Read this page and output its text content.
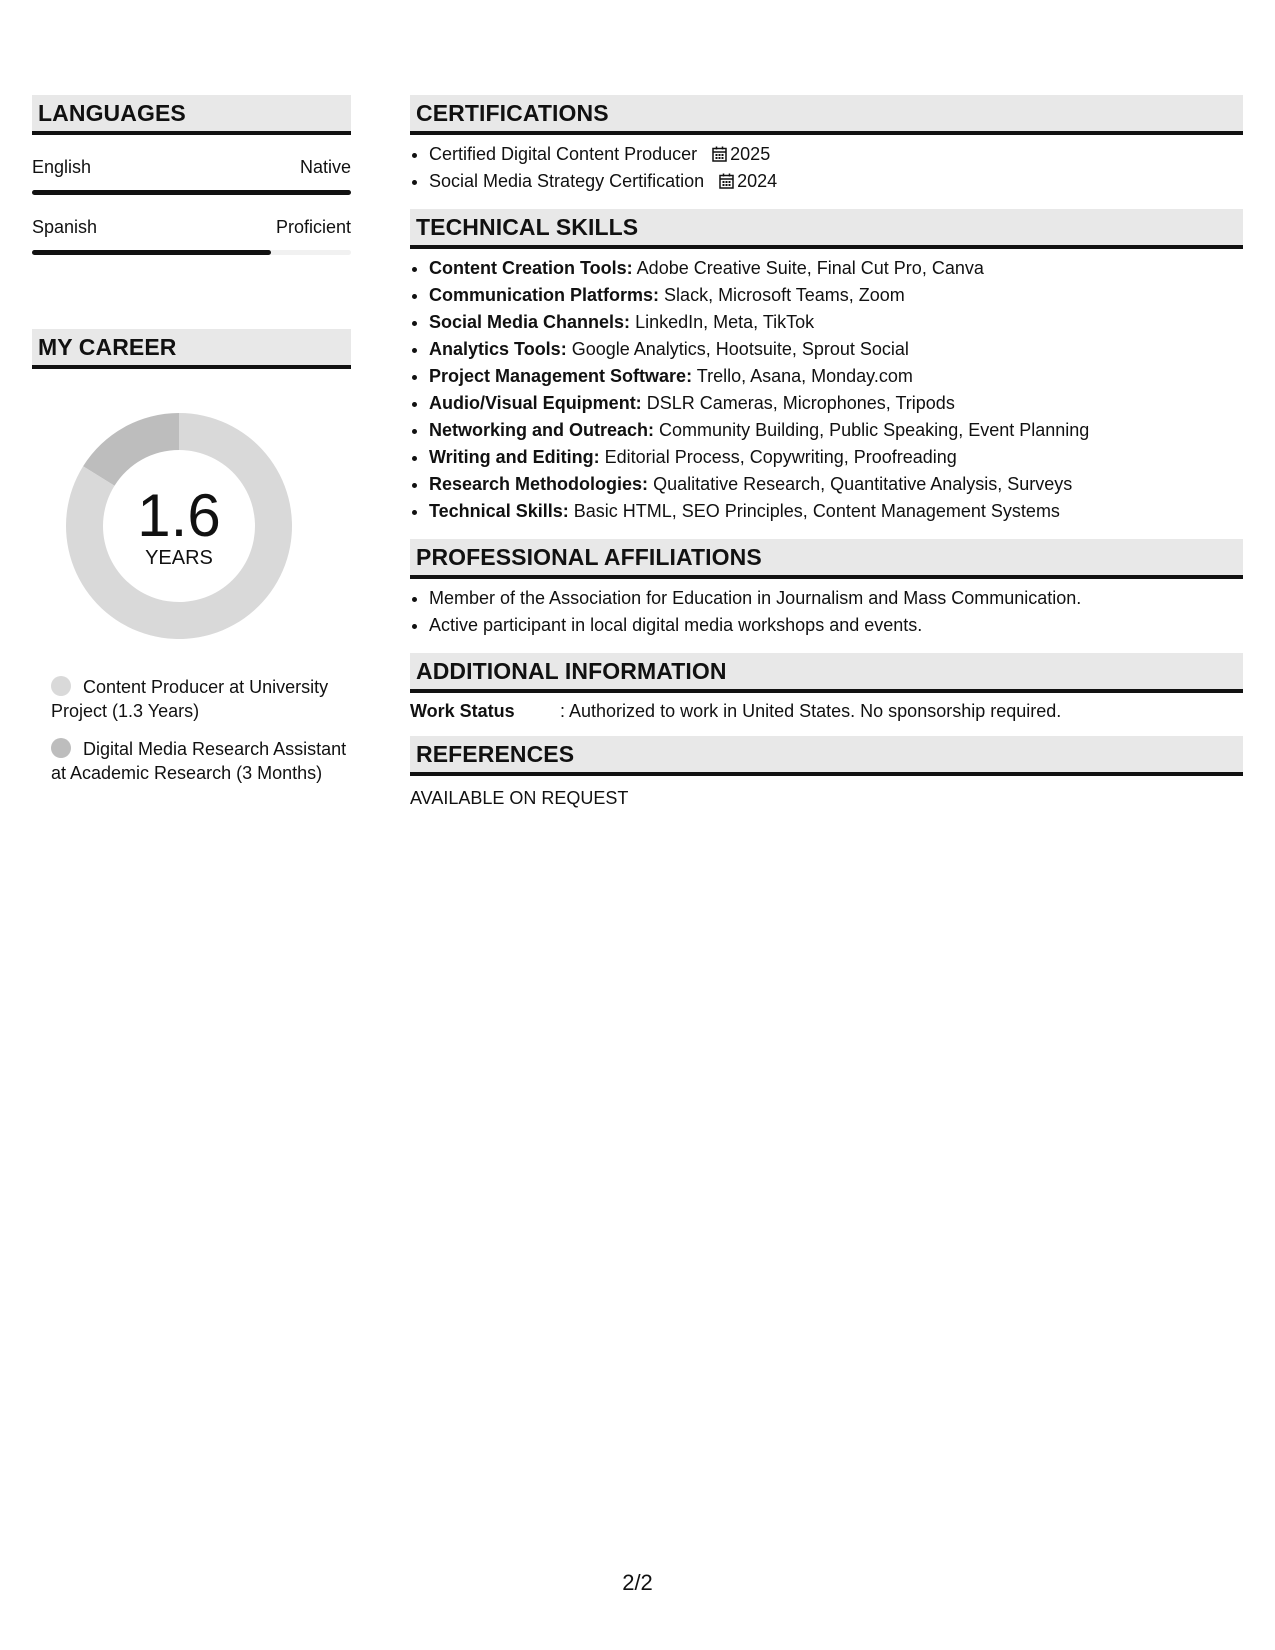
LANGUAGES
English	Native
Spanish	Proficient
MY CAREER
1.6
YEARS
Content Producer at University Project (1.3 Years)
Digital Media Research Assistant at Academic Research (3 Months)
CERTIFICATIONS
• Certified Digital Content Producer 2025
• Social Media Strategy Certification 2024
TECHNICAL SKILLS
• Content Creation Tools: Adobe Creative Suite, Final Cut Pro, Canva
• Communication Platforms: Slack, Microsoft Teams, Zoom
• Social Media Channels: LinkedIn, Meta, TikTok
• Analytics Tools: Google Analytics, Hootsuite, Sprout Social
• Project Management Software: Trello, Asana, Monday.com
• Audio/Visual Equipment: DSLR Cameras, Microphones, Tripods
• Networking and Outreach: Community Building, Public Speaking, Event Planning
• Writing and Editing: Editorial Process, Copywriting, Proofreading
• Research Methodologies: Qualitative Research, Quantitative Analysis, Surveys
• Technical Skills: Basic HTML, SEO Principles, Content Management Systems
PROFESSIONAL AFFILIATIONS
• Member of the Association for Education in Journalism and Mass Communication.
• Active participant in local digital media workshops and events.
ADDITIONAL INFORMATION
Work Status	: Authorized to work in United States. No sponsorship required.
REFERENCES
AVAILABLE ON REQUEST
2/2
